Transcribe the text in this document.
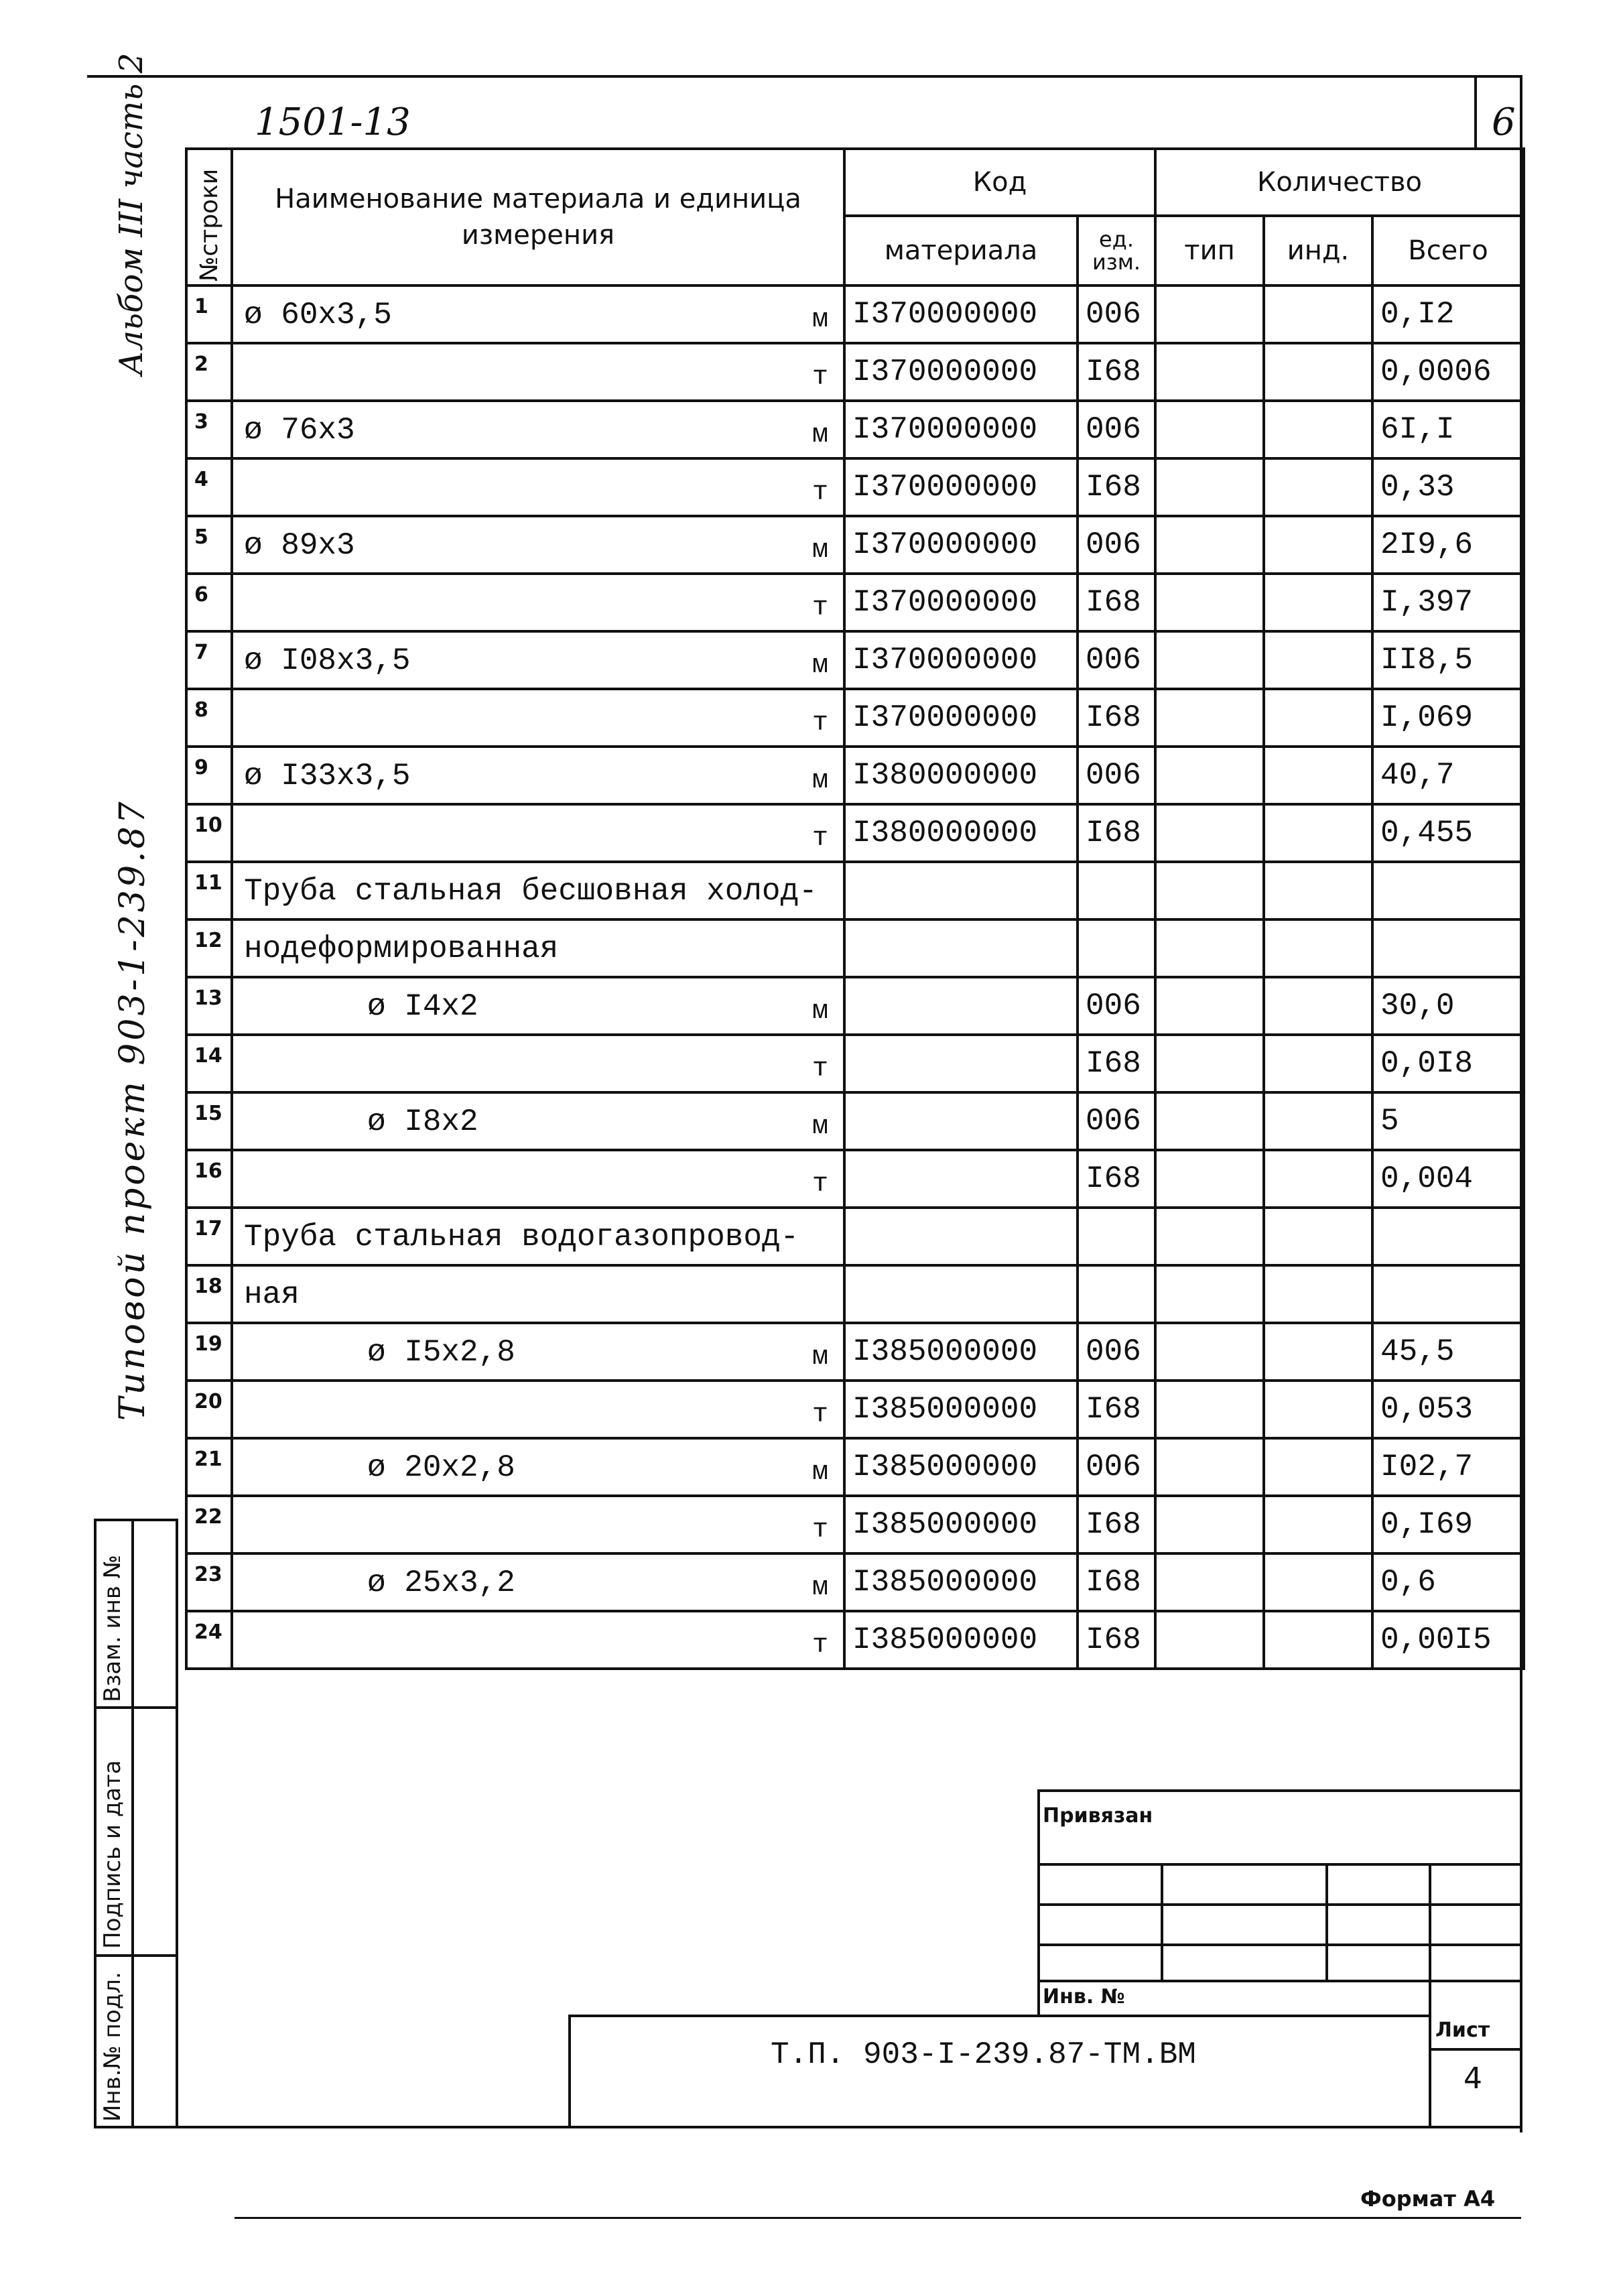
1501-13	6
Альбом III часть 2
Типовой проект 903-1-239.87
№строки	Наименование материала и единица измерения	Код		Количество		
		материала	ед. изм.	тип	инд.	Всего
1	ø 60x3,5 м	I370000000	006			0,I2
2	т	I370000000	I68			0,0006
3	ø 76x3 м	I370000000	006			6I,I
4	т	I370000000	I68			0,33
5	ø 89x3 м	I370000000	006			2I9,6
6	т	I370000000	I68			I,397
7	ø I08x3,5 м	I370000000	006			II8,5
8	т	I370000000	I68			I,069
9	ø I33x3,5 м	I380000000	006			40,7
10	т	I380000000	I68			0,455
11	Труба стальная бесшовная холод-					

12	нодеформированная					

13	ø I4x2 м		006			30,0
14	т		I68			0,0I8
15	ø I8x2 м		006			5
16	т		I68			0,004
17	Труба стальная водогазопровод-					

18	ная					

19	ø I5x2,8 м	I385000000	006			45,5
20	т	I385000000	I68			0,053
21	ø 20x2,8 м	I385000000	006			I02,7
22	т	I385000000	I68			0,I69
23	ø 25x3,2 м	I385000000	I68			0,6
24	т	I385000000	I68			0,00I5
Взам. инв №
Подпись и дата
Инв.№ подл.
Привязан
Инв. №
Т.П. 903-I-239.87-ТМ.ВМ
Лист
4
Формат А4
